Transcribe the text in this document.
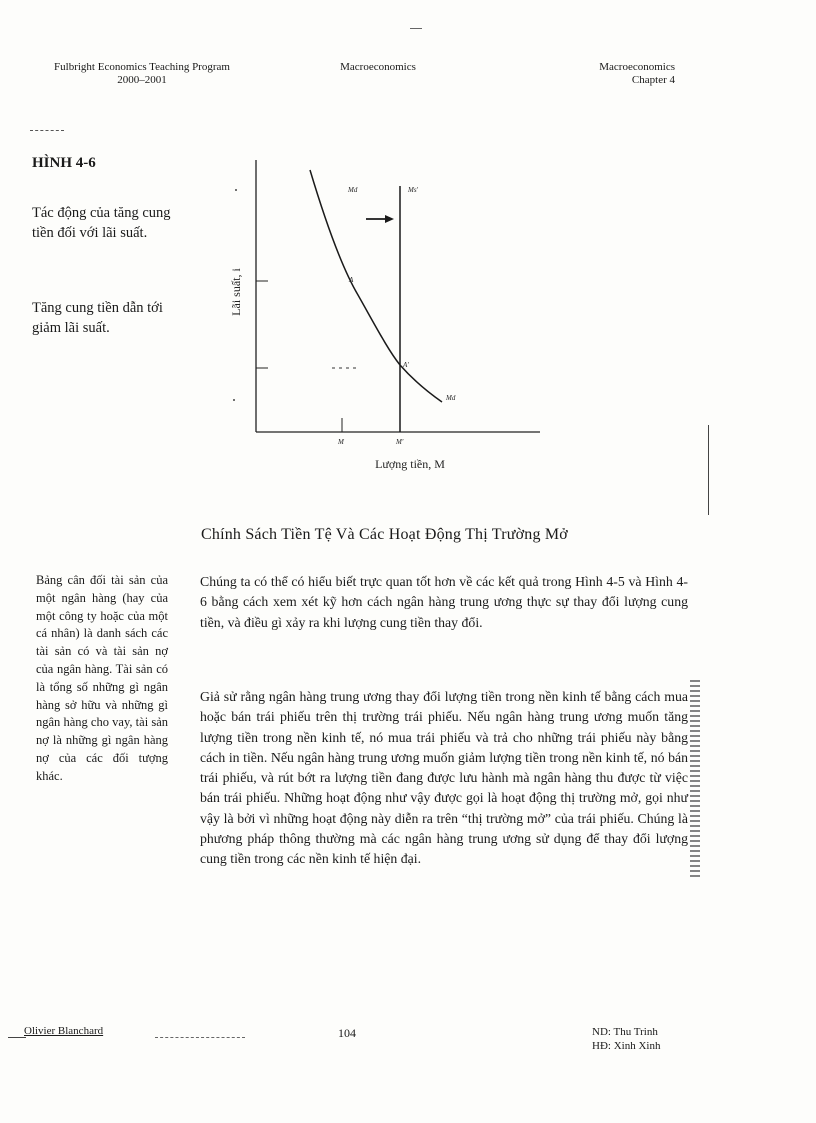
Fulbright Economics Teaching Program
2000–2001
Macroeconomics	Macroeconomics
Chapter 4
HÌNH 4-6
Tác động của tăng cung tiền đối với lãi suất.
Tăng cung tiền dẫn tới giảm lãi suất.
Md	Ms'
A
A'
Md
M	M'
Lãi suất, i
Lượng tiền, M
Chính Sách Tiền Tệ Và Các Hoạt Động Thị Trường Mở
Bảng cân đối tài sản của một ngân hàng (hay của một công ty hoặc của một cá nhân) là danh sách các tài sản có và tài sản nợ của ngân hàng. Tài sản có là tổng số những gì ngân hàng sở hữu và những gì ngân hàng cho vay, tài sản nợ là những gì ngân hàng nợ của các đối tượng khác.
Chúng ta có thể có hiểu biết trực quan tốt hơn về các kết quả trong Hình 4-5 và Hình 4-6 bằng cách xem xét kỹ hơn cách ngân hàng trung ương thực sự thay đổi lượng cung tiền, và điều gì xảy ra khi lượng cung tiền thay đổi.
Giả sử rằng ngân hàng trung ương thay đổi lượng tiền trong nền kinh tế bằng cách mua hoặc bán trái phiếu trên thị trường trái phiếu. Nếu ngân hàng trung ương muốn tăng lượng tiền trong nền kinh tế, nó mua trái phiếu và trả cho những trái phiếu này bằng cách in tiền. Nếu ngân hàng trung ương muốn giảm lượng tiền trong nền kinh tế, nó bán trái phiếu, và rút bớt ra lượng tiền đang được lưu hành mà ngân hàng thu được từ việc bán trái phiếu. Những hoạt động như vậy được gọi là hoạt động thị trường mở, gọi như vậy là bởi vì những hoạt động này diễn ra trên “thị trường mở” của trái phiếu. Chúng là phương pháp thông thường mà các ngân hàng trung ương sử dụng để thay đổi lượng cung tiền trong các nền kinh tế hiện đại.
Olivier Blanchard	104	ND: Thu Trinh
HĐ: Xinh Xinh
